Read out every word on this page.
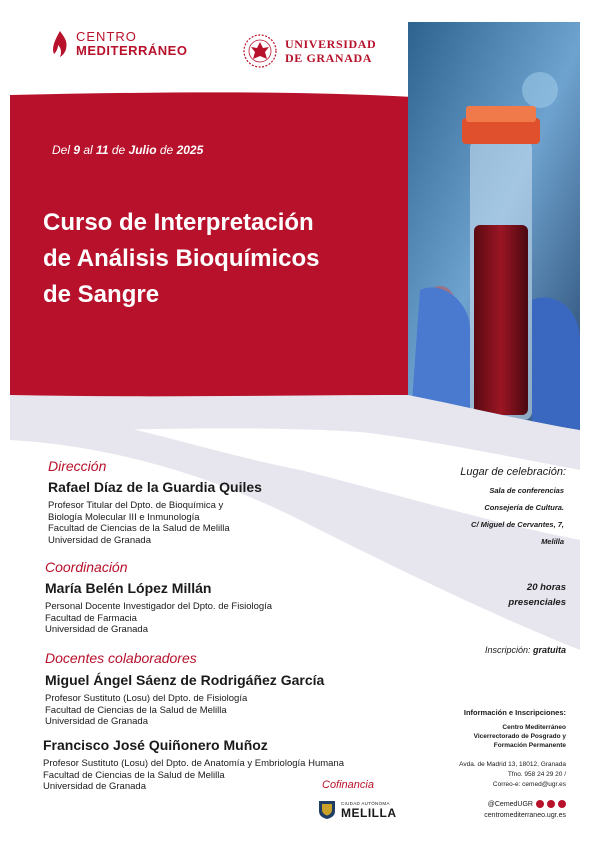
CENTRO
MEDITERRÁNEO	UNIVERSIDAD
DE GRANADA
Del 9 al 11 de Julio de 2025
Curso de Interpretación
de Análisis Bioquímicos
de Sangre
Dirección
Rafael Díaz de la Guardia Quiles
Profesor Titular del Dpto. de Bioquímica y
Biología Molecular III e Inmunología
Facultad de Ciencias de la Salud de Melilla
Universidad de Granada
Coordinación
María Belén López Millán
Personal Docente Investigador del Dpto. de Fisiología
Facultad de Farmacia
Universidad de Granada
Docentes colaboradores
Miguel Ángel Sáenz de Rodrigáñez García
Profesor Sustituto (Losu) del Dpto. de Fisiología
Facultad de Ciencias de la Salud de Melilla
Universidad de Granada
Francisco José Quiñonero Muñoz
Profesor Sustituto (Losu) del Dpto. de Anatomía y Embriología Humana
Facultad de Ciencias de la Salud de Melilla
Universidad de Granada
Lugar de celebración:
Sala de conferencias
Consejería de Cultura.
C/ Miguel de Cervantes, 7,
Melilla
20 horas
presenciales
Inscripción: gratuita
Información e Inscripciones:
Centro Mediterráneo
Vicerrectorado de Posgrado y
Formación Permanente
Avda. de Madrid 13, 18012, Granada
Tfno. 958 24 29 20 /
Correo-e: cemed@ugr.es
@CemedUGR
centromediterraneo.ugr.es
Cofinancia
CIUDAD AUTÓNOMA
MELILLA
